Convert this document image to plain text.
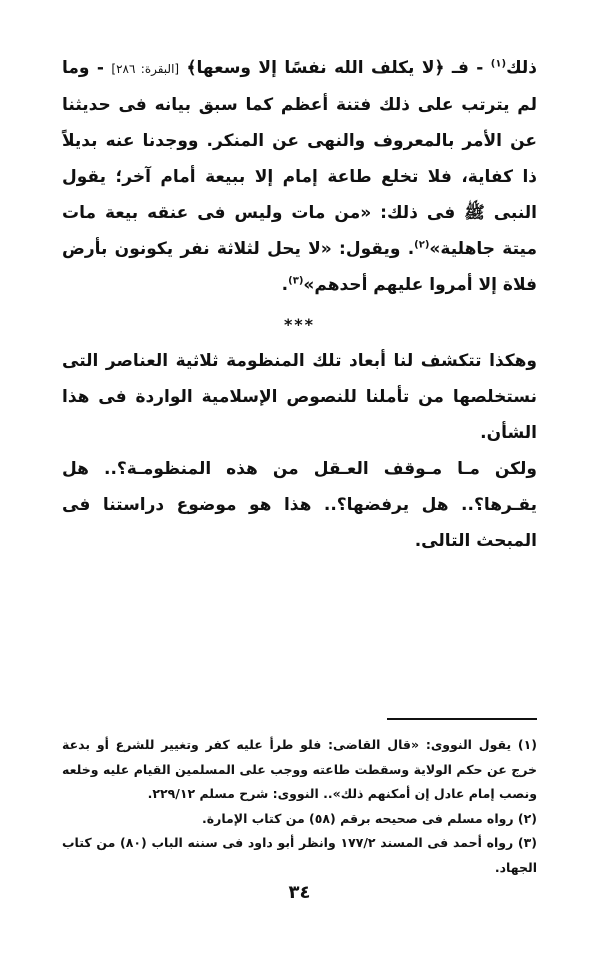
ذلك$^{(١)}$ - فـ ﴿لا يكلف الله نفسًا إلا وسعها﴾ [البقرة: ٢٨٦] - وما لم يترتب على ذلك فتنة أعظم كما سبق بيانه فى حديثنا عن الأمر بالمعروف والنهى عن المنكر. ووجدنا عنه بديلاً ذا كفاية، فلا تخلع طاعة إمام إلا ببيعة أمام آخر؛ يقول النبى ﷺ فى ذلك: «من مات وليس فى عنقه بيعة مات ميتة جاهلية»$^{(٢)}$. ويقول: «لا يحل لثلاثة نفر يكونون بأرض فلاة إلا أمروا عليهم أحدهم»$^{(٣)}$.

***

وهكذا تتكشف لنا أبعاد تلك المنظومة ثلاثية العناصر التى نستخلصها من تأملنا للنصوص الإسلامية الواردة فى هذا الشأن.

ولكن مـا مـوقف العـقل من هذه المنظومـة؟.. هل يقـرها؟.. هل يرفضها؟.. هذا هو موضوع دراستنا فى المبحث التالى.

(١) يقول النووى: «قال القاضى: فلو طرأ عليه كفر وتغيير للشرع أو بدعة خرج عن حكم الولاية وسقطت طاعته ووجب على المسلمين القيام عليه وخلعه ونصب إمام عادل إن أمكنهم ذلك».. النووى: شرح مسلم ٢٢٩/١٢.

(٢) رواه مسلم فى صحيحه برقم (٥٨) من كتاب الإمارة.

(٣) رواه أحمد فى المسند ١٧٧/٢ وانظر أبو داود فى سننه الباب (٨٠) من كتاب الجهاد.

٣٤
